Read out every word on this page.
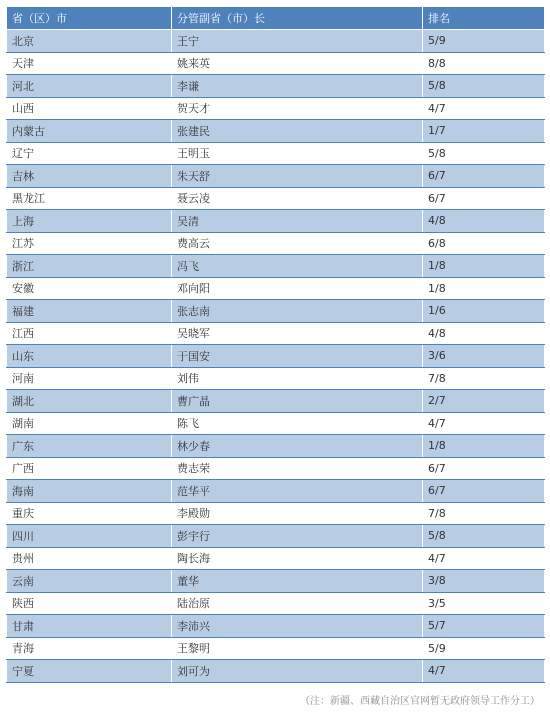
省（区）市	分管副省（市）长	排名
北京	王宁	5/9
天津	姚来英	8/8
河北	李谦	5/8
山西	贺天才	4/7
内蒙古	张建民	1/7
辽宁	王明玉	5/8
吉林	朱天舒	6/7
黑龙江	聂云凌	6/7
上海	吴清	4/8
江苏	费高云	6/8
浙江	冯飞	1/8
安徽	邓向阳	1/8
福建	张志南	1/6
江西	吴晓军	4/8
山东	于国安	3/6
河南	刘伟	7/8
湖北	曹广晶	2/7
湖南	陈飞	4/7
广东	林少春	1/8
广西	费志荣	6/7
海南	范华平	6/7
重庆	李殿勋	7/8
四川	彭宇行	5/8
贵州	陶长海	4/7
云南	董华	3/8
陕西	陆治原	3/5
甘肃	李沛兴	5/7
青海	王黎明	5/9
宁夏	刘可为	4/7
（注：新疆、西藏自治区官网暂无政府领导工作分工）
